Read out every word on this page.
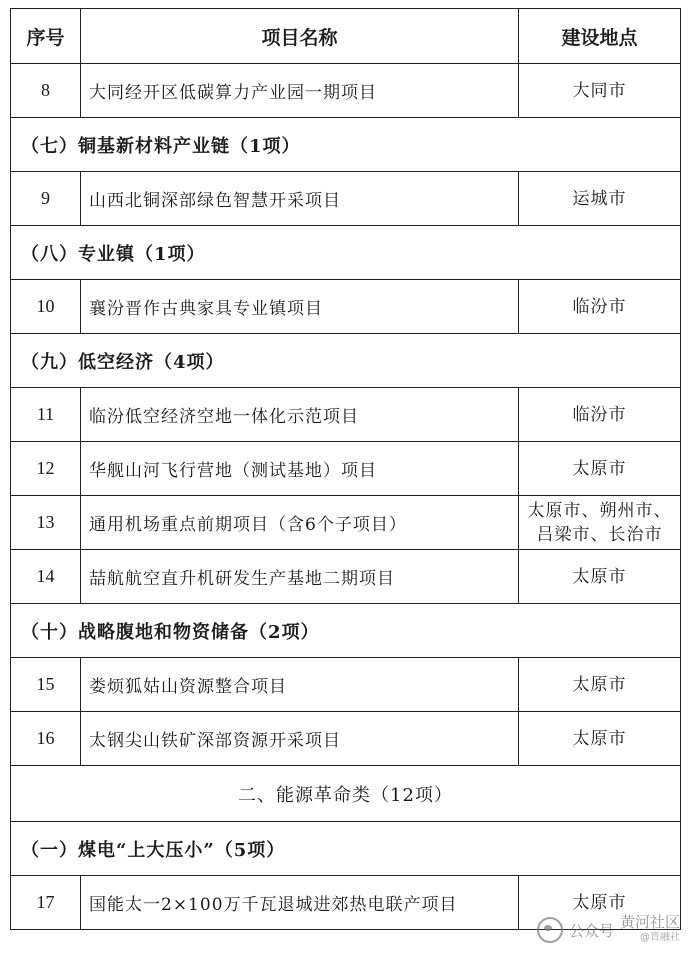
序号	项目名称	建设地点
8	大同经开区低碳算力产业园一期项目	大同市
（七）铜基新材料产业链（1项）		
9	山西北铜深部绿色智慧开采项目	运城市
（八）专业镇（1项）		
10	襄汾晋作古典家具专业镇项目	临汾市
（九）低空经济（4项）		
11	临汾低空经济空地一体化示范项目	临汾市
12	华舰山河飞行营地（测试基地）项目	太原市
13	通用机场重点前期项目（含6个子项目）	太原市、朔州市、吕梁市、长治市
14	喆航航空直升机研发生产基地二期项目	太原市
（十）战略腹地和物资储备（2项）		
15	娄烦狐姑山资源整合项目	太原市
16	太钢尖山铁矿深部资源开采项目	太原市
二、能源革命类（12项）		
（一）煤电“上大压小”（5项）		
17	国能太一2×100万千瓦退城进郊热电联产项目	太原市
公众号 黄河社区
@晋融社
